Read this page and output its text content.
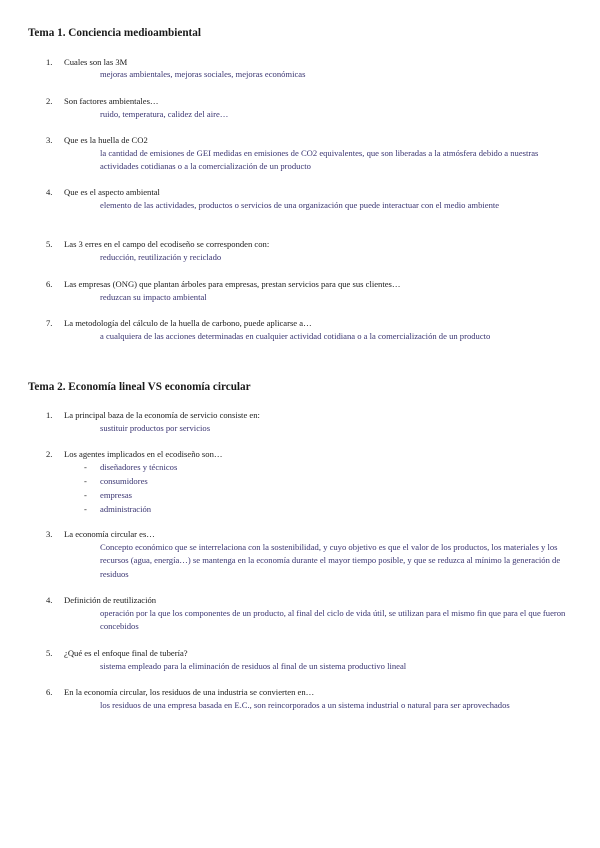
Tema 1. Conciencia medioambiental
1.	Cuales son las 3M
mejoras ambientales, mejoras sociales, mejoras económicas
2.	Son factores ambientales…
ruido, temperatura, calidez del aire…
3.	Que es la huella de CO2
la cantidad de emisiones de GEI medidas en emisiones de CO2 equivalentes, que son liberadas a la atmósfera debido a nuestras actividades cotidianas o a la comercialización de un producto
4.	Que es el aspecto ambiental
elemento de las actividades, productos o servicios de una organización que puede interactuar con el medio ambiente
5.	Las 3 erres en el campo del ecodiseño se corresponden con:
reducción, reutilización y reciclado
6.	Las empresas (ONG) que plantan árboles para empresas, prestan servicios para que sus clientes…
reduzcan su impacto ambiental
7.	La metodología del cálculo de la huella de carbono, puede aplicarse a…
a cualquiera de las acciones determinadas en cualquier actividad cotidiana o a la comercialización de un producto
Tema 2. Economía lineal VS economía circular
1.	La principal baza de la economía de servicio consiste en:
sustituir productos por servicios
2.	Los agentes implicados en el ecodiseño son…
- diseñadores y técnicos
- consumidores
- empresas
- administración
3.	La economía circular es…
Concepto económico que se interrelaciona con la sostenibilidad, y cuyo objetivo es que el valor de los productos, los materiales y los recursos (agua, energía…) se mantenga en la economía durante el mayor tiempo posible, y que se reduzca al mínimo la generación de residuos
4.	Definición de reutilización
operación por la que los componentes de un producto, al final del ciclo de vida útil, se utilizan para el mismo fin que para el que fueron concebidos
5.	¿Qué es el enfoque final de tubería?
sistema empleado para la eliminación de residuos al final de un sistema productivo lineal
6.	En la economía circular, los residuos de una industria se convierten en…
los residuos de una empresa basada en E.C., son reincorporados a un sistema industrial o natural para ser aprovechados
